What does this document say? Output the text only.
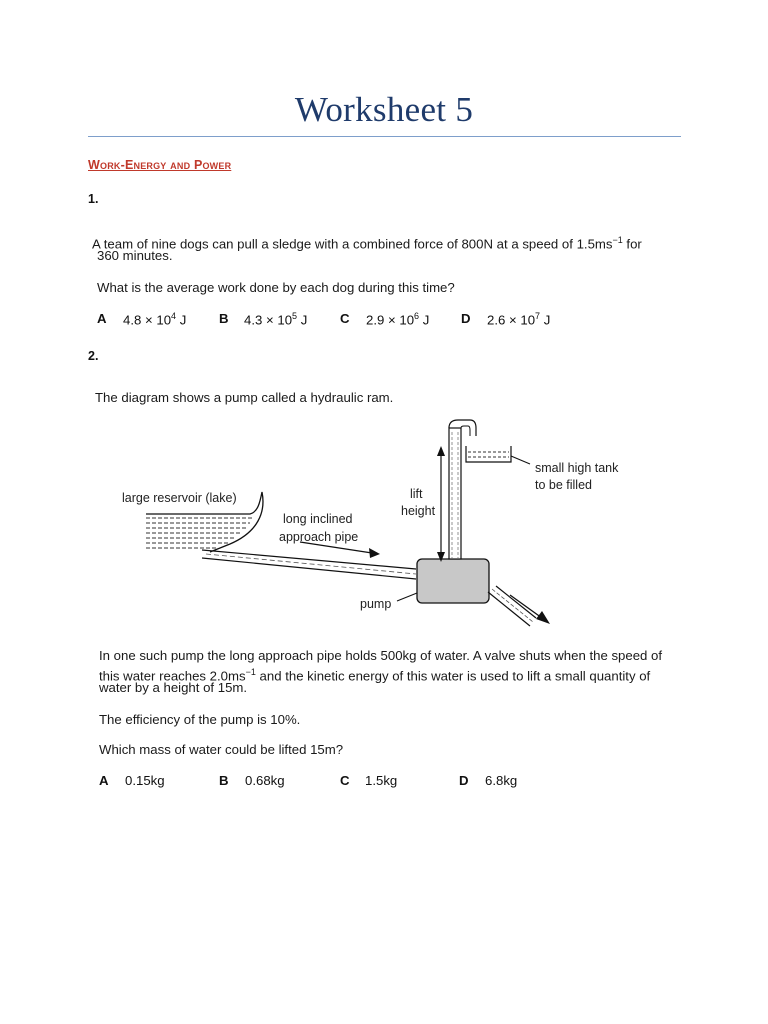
Worksheet 5
Work-Energy and Power
1.
A team of nine dogs can pull a sledge with a combined force of 800N at a speed of $1.5ms^{-1}$ for
360 minutes.
What is the average work done by each dog during this time?
A $4.8 \times 10^4$ J B $4.3 \times 10^5$ J C $2.9 \times 10^6$ J D $2.6 \times 10^7$ J
2.
The diagram shows a pump called a hydraulic ram.
large reservoir (lake)
long inclined
approach pipe
lift
height
small high tank
to be filled
pump
In one such pump the long approach pipe holds 500kg of water. A valve shuts when the speed of
this water reaches $2.0ms^{-1}$ and the kinetic energy of this water is used to lift a small quantity of
water by a height of 15m.
The efficiency of the pump is 10%.
Which mass of water could be lifted 15m?
A 0.15kg	B 0.68kg	C 1.5kg	D 6.8kg
